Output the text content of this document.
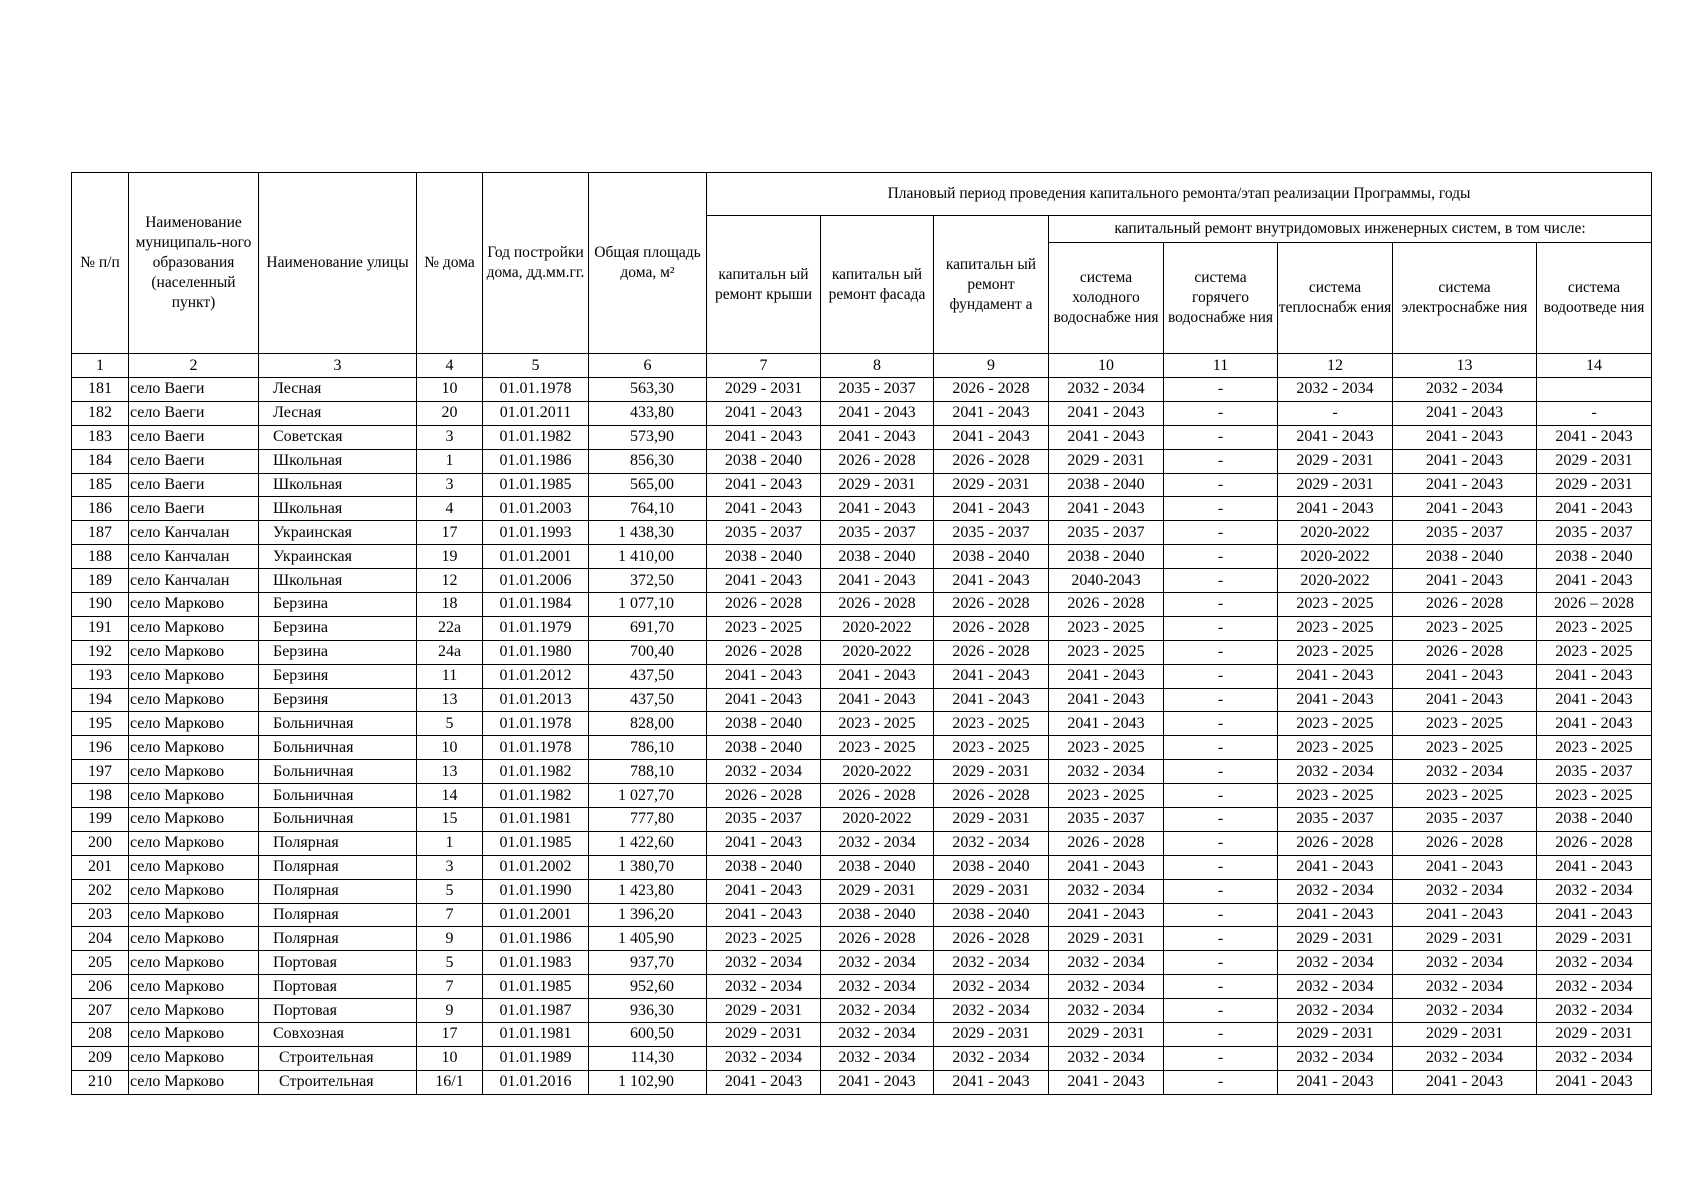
№ п/п	Наименование муниципаль-ного образования (населенный пункт)	Наименование улицы	№ дома	Год постройки дома, дд.мм.гг.	Общая площадь дома, м²	Плановый период проведения капитального ремонта/этап реализации Программы, годы							
						капитальн ый ремонт крыши	капитальн ый ремонт фасада	капитальн ый ремонт фундамент а	капитальный ремонт внутридомовых инженерных систем, в том числе:				
									система холодного водоснабже ния	система горячего водоснабже ния	система теплоснабж ения	система электроснабже ния	система водоотведе ния
1	2	3	4	5	6	7	8	9	10	11	12	13	14
181	село Ваеги	Лесная	10	01.01.1978	563,30	2029 - 2031	2035 - 2037	2026 - 2028	2032 - 2034	-	2032 - 2034	2032 - 2034	
182	село Ваеги	Лесная	20	01.01.2011	433,80	2041 - 2043	2041 - 2043	2041 - 2043	2041 - 2043	-	-	2041 - 2043	-
183	село Ваеги	Советская	3	01.01.1982	573,90	2041 - 2043	2041 - 2043	2041 - 2043	2041 - 2043	-	2041 - 2043	2041 - 2043	2041 - 2043
184	село Ваеги	Школьная	1	01.01.1986	856,30	2038 - 2040	2026 - 2028	2026 - 2028	2029 - 2031	-	2029 - 2031	2041 - 2043	2029 - 2031
185	село Ваеги	Школьная	3	01.01.1985	565,00	2041 - 2043	2029 - 2031	2029 - 2031	2038 - 2040	-	2029 - 2031	2041 - 2043	2029 - 2031
186	село Ваеги	Школьная	4	01.01.2003	764,10	2041 - 2043	2041 - 2043	2041 - 2043	2041 - 2043	-	2041 - 2043	2041 - 2043	2041 - 2043
187	село Канчалан	Украинская	17	01.01.1993	1 438,30	2035 - 2037	2035 - 2037	2035 - 2037	2035 - 2037	-	2020-2022	2035 - 2037	2035 - 2037
188	село Канчалан	Украинская	19	01.01.2001	1 410,00	2038 - 2040	2038 - 2040	2038 - 2040	2038 - 2040	-	2020-2022	2038 - 2040	2038 - 2040
189	село Канчалан	Школьная	12	01.01.2006	372,50	2041 - 2043	2041 - 2043	2041 - 2043	2040-2043	-	2020-2022	2041 - 2043	2041 - 2043
190	село Марково	Берзина	18	01.01.1984	1 077,10	2026 - 2028	2026 - 2028	2026 - 2028	2026 - 2028	-	2023 - 2025	2026 - 2028	2026 – 2028
191	село Марково	Берзина	22а	01.01.1979	691,70	2023 - 2025	2020-2022	2026 - 2028	2023 - 2025	-	2023 - 2025	2023 - 2025	2023 - 2025
192	село Марково	Берзина	24а	01.01.1980	700,40	2026 - 2028	2020-2022	2026 - 2028	2023 - 2025	-	2023 - 2025	2026 - 2028	2023 - 2025
193	село Марково	Берзиня	11	01.01.2012	437,50	2041 - 2043	2041 - 2043	2041 - 2043	2041 - 2043	-	2041 - 2043	2041 - 2043	2041 - 2043
194	село Марково	Берзиня	13	01.01.2013	437,50	2041 - 2043	2041 - 2043	2041 - 2043	2041 - 2043	-	2041 - 2043	2041 - 2043	2041 - 2043
195	село Марково	Больничная	5	01.01.1978	828,00	2038 - 2040	2023 - 2025	2023 - 2025	2041 - 2043	-	2023 - 2025	2023 - 2025	2041 - 2043
196	село Марково	Больничная	10	01.01.1978	786,10	2038 - 2040	2023 - 2025	2023 - 2025	2023 - 2025	-	2023 - 2025	2023 - 2025	2023 - 2025
197	село Марково	Больничная	13	01.01.1982	788,10	2032 - 2034	2020-2022	2029 - 2031	2032 - 2034	-	2032 - 2034	2032 - 2034	2035 - 2037
198	село Марково	Больничная	14	01.01.1982	1 027,70	2026 - 2028	2026 - 2028	2026 - 2028	2023 - 2025	-	2023 - 2025	2023 - 2025	2023 - 2025
199	село Марково	Больничная	15	01.01.1981	777,80	2035 - 2037	2020-2022	2029 - 2031	2035 - 2037	-	2035 - 2037	2035 - 2037	2038 - 2040
200	село Марково	Полярная	1	01.01.1985	1 422,60	2041 - 2043	2032 - 2034	2032 - 2034	2026 - 2028	-	2026 - 2028	2026 - 2028	2026 - 2028
201	село Марково	Полярная	3	01.01.2002	1 380,70	2038 - 2040	2038 - 2040	2038 - 2040	2041 - 2043	-	2041 - 2043	2041 - 2043	2041 - 2043
202	село Марково	Полярная	5	01.01.1990	1 423,80	2041 - 2043	2029 - 2031	2029 - 2031	2032 - 2034	-	2032 - 2034	2032 - 2034	2032 - 2034
203	село Марково	Полярная	7	01.01.2001	1 396,20	2041 - 2043	2038 - 2040	2038 - 2040	2041 - 2043	-	2041 - 2043	2041 - 2043	2041 - 2043
204	село Марково	Полярная	9	01.01.1986	1 405,90	2023 - 2025	2026 - 2028	2026 - 2028	2029 - 2031	-	2029 - 2031	2029 - 2031	2029 - 2031
205	село Марково	Портовая	5	01.01.1983	937,70	2032 - 2034	2032 - 2034	2032 - 2034	2032 - 2034	-	2032 - 2034	2032 - 2034	2032 - 2034
206	село Марково	Портовая	7	01.01.1985	952,60	2032 - 2034	2032 - 2034	2032 - 2034	2032 - 2034	-	2032 - 2034	2032 - 2034	2032 - 2034
207	село Марково	Портовая	9	01.01.1987	936,30	2029 - 2031	2032 - 2034	2032 - 2034	2032 - 2034	-	2032 - 2034	2032 - 2034	2032 - 2034
208	село Марково	Совхозная	17	01.01.1981	600,50	2029 - 2031	2032 - 2034	2029 - 2031	2029 - 2031	-	2029 - 2031	2029 - 2031	2029 - 2031
209	село Марково	Строительная	10	01.01.1989	114,30	2032 - 2034	2032 - 2034	2032 - 2034	2032 - 2034	-	2032 - 2034	2032 - 2034	2032 - 2034
210	село Марково	Строительная	16/1	01.01.2016	1 102,90	2041 - 2043	2041 - 2043	2041 - 2043	2041 - 2043	-	2041 - 2043	2041 - 2043	2041 - 2043
